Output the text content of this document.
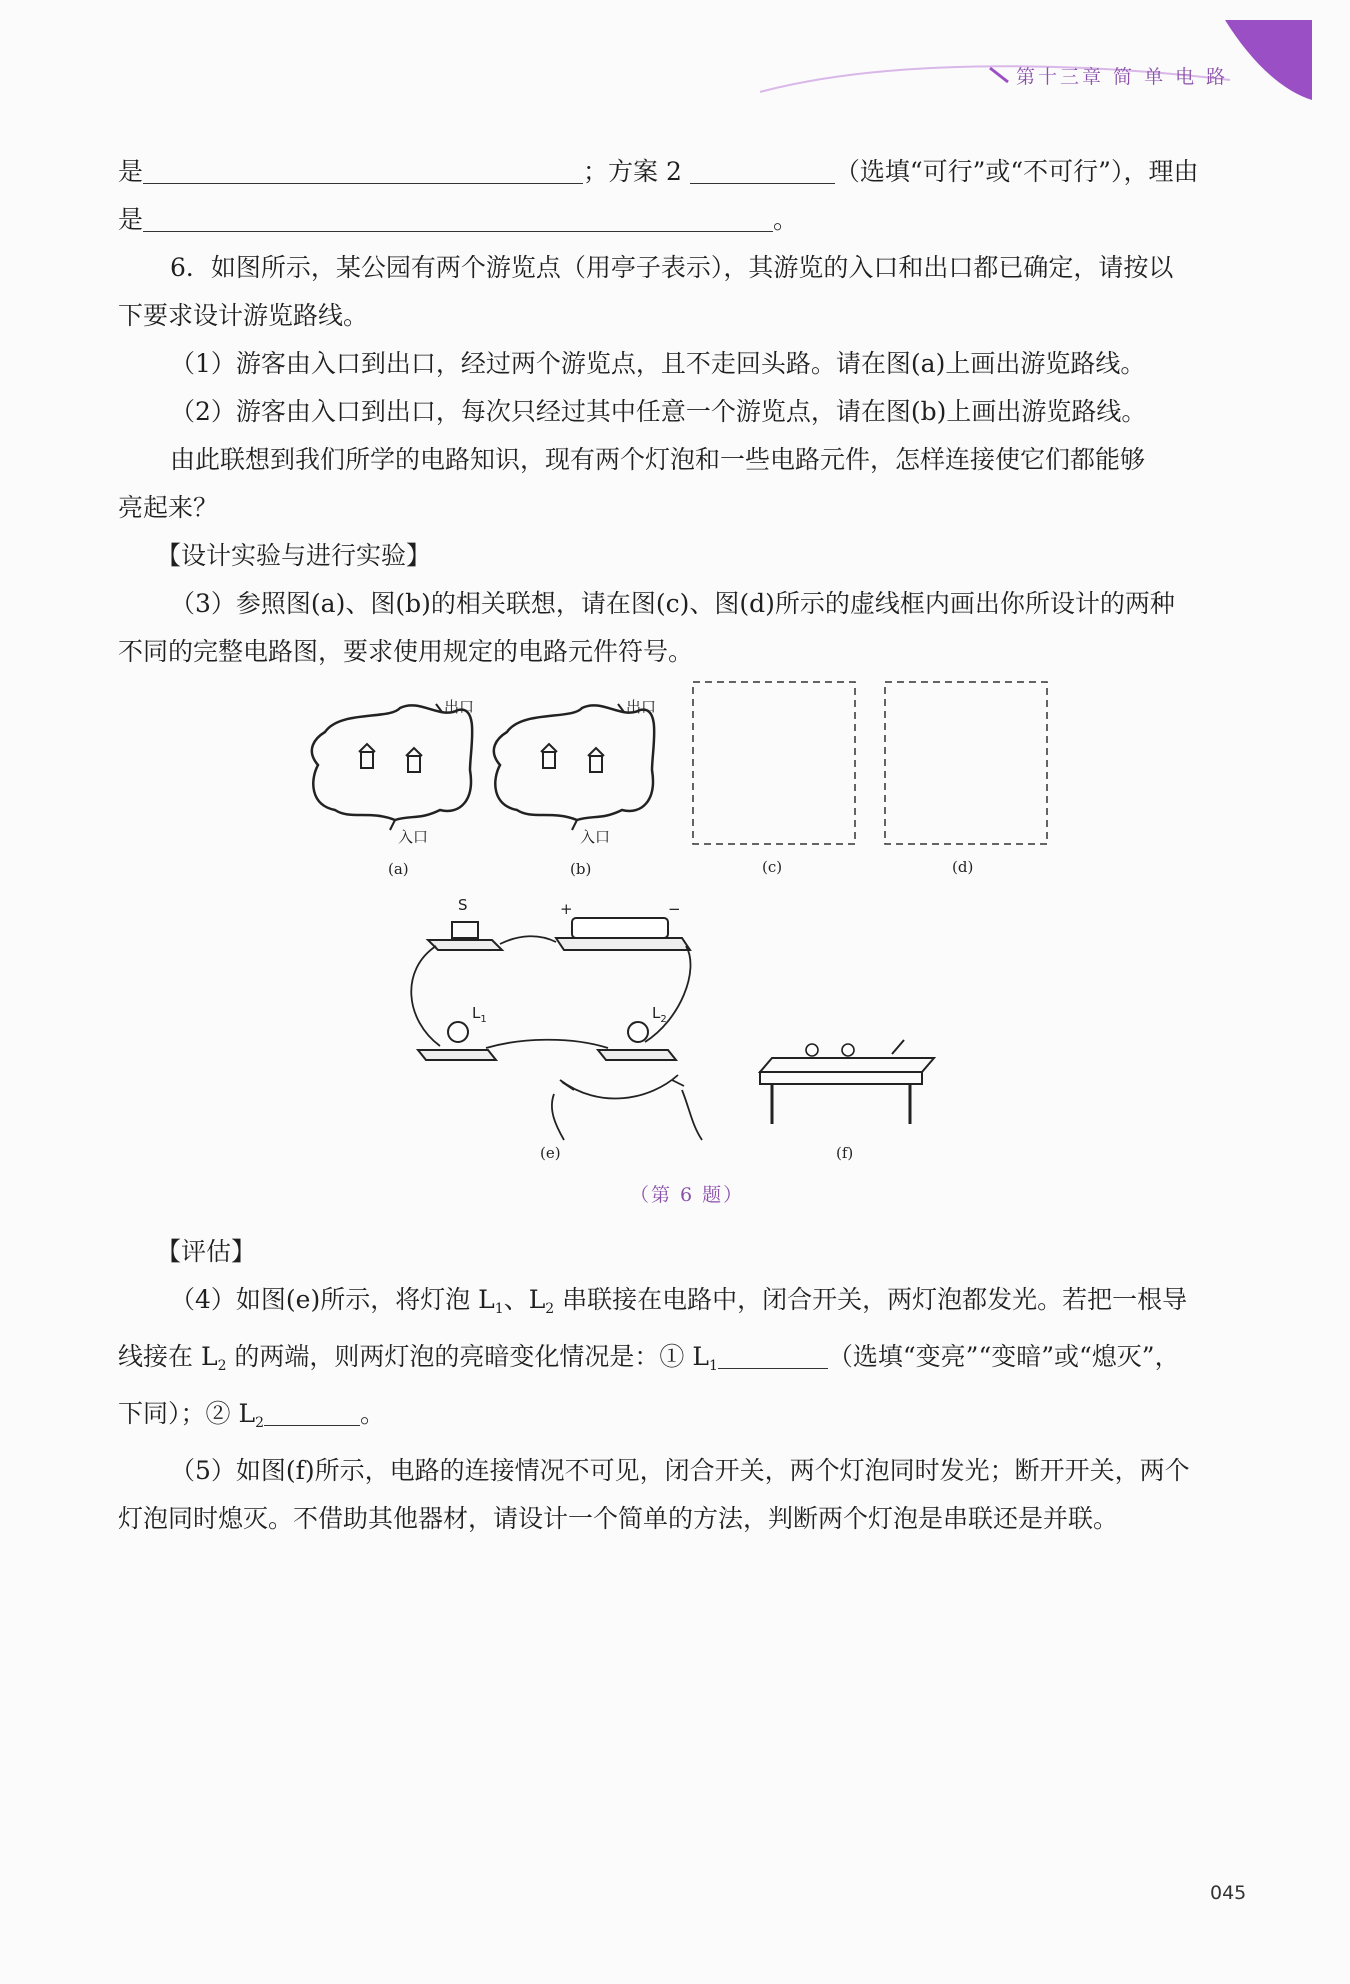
第十三章 简 单 电 路
是	；方案 2	（选填“可行”或“不可行”），理由
是	。
6．如图所示，某公园有两个游览点（用亭子表示），其游览的入口和出口都已确定，请按以
下要求设计游览路线。
（1）游客由入口到出口，经过两个游览点，且不走回头路。请在图(a)上画出游览路线。
（2）游客由入口到出口，每次只经过其中任意一个游览点，请在图(b)上画出游览路线。
由此联想到我们所学的电路知识，现有两个灯泡和一些电路元件，怎样连接使它们都能够
亮起来？
【设计实验与进行实验】
（3）参照图(a)、图(b)的相关联想，请在图(c)、图(d)所示的虚线框内画出你所设计的两种
不同的完整电路图，要求使用规定的电路元件符号。
出口
入口
(a)
出口
入口
(b)	(c)	(d)
S	+	−
$L_1$	$L_2$
(e)	(f)
（第 6 题）
【评估】
（4）如图(e)所示，将灯泡 $L_1$、$L_2$ 串联接在电路中，闭合开关，两灯泡都发光。若把一根导
线接在 $L_2$ 的两端，则两灯泡的亮暗变化情况是：① $L_1$	（选填“变亮”“变暗”或“熄灭”，
下同）；② $L_2$	。
（5）如图(f)所示，电路的连接情况不可见，闭合开关，两个灯泡同时发光；断开开关，两个
灯泡同时熄灭。不借助其他器材，请设计一个简单的方法，判断两个灯泡是串联还是并联。
045
